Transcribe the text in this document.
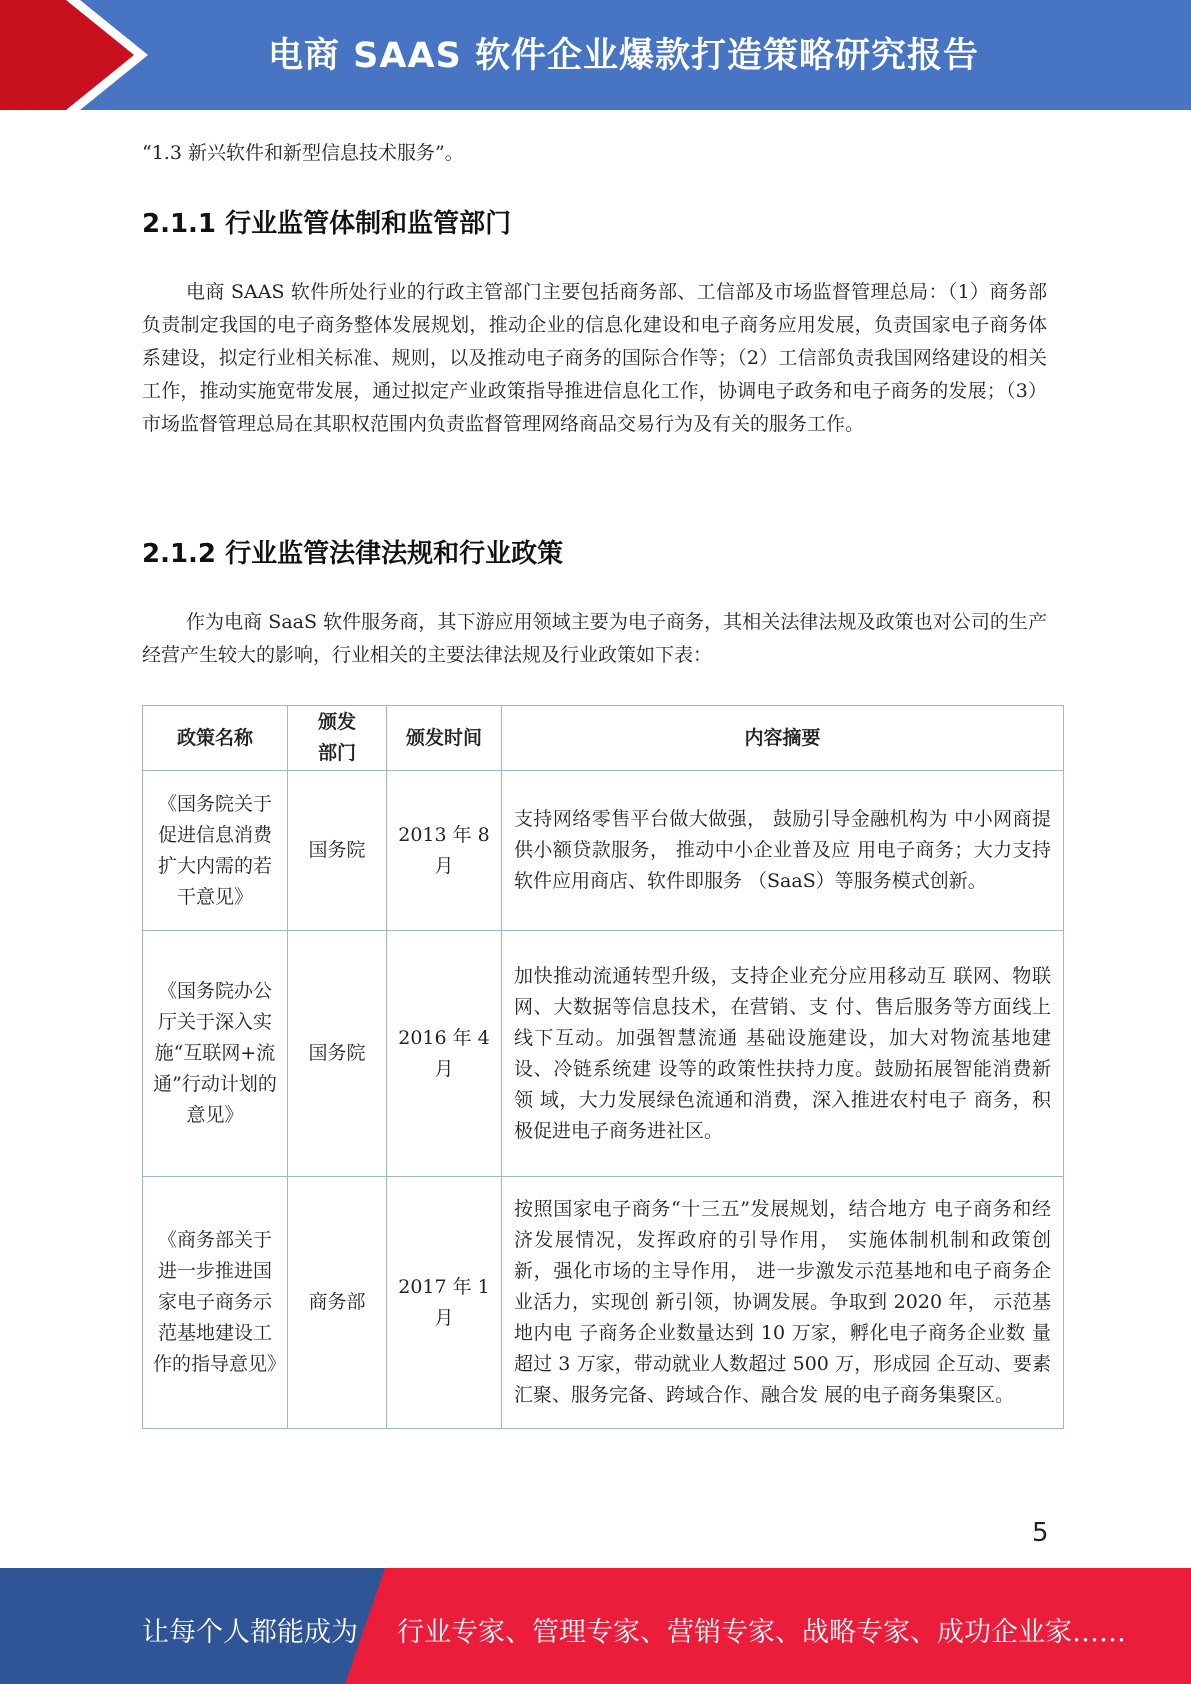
电商 SAAS 软件企业爆款打造策略研究报告
“1.3 新兴软件和新型信息技术服务”。
2.1.1 行业监管体制和监管部门

电商 SAAS 软件所处行业的行政主管部门主要包括商务部、工信部及市场监督管理总局：（1）商务部负责制定我国的电子商务整体发展规划，推动企业的信息化建设和电子商务应用发展，负责国家电子商务体系建设，拟定行业相关标准、规则，以及推动电子商务的国际合作等；（2）工信部负责我国网络建设的相关工作，推动实施宽带发展，通过拟定产业政策指导推进信息化工作，协调电子政务和电子商务的发展；（3）市场监督管理总局在其职权范围内负责监督管理网络商品交易行为及有关的服务工作。

2.1.2 行业监管法律法规和行业政策

作为电商 SaaS 软件服务商，其下游应用领域主要为电子商务，其相关法律法规及政策也对公司的生产经营产生较大的影响，行业相关的主要法律法规及行业政策如下表：

政策名称	颁发部门	颁发时间	内容摘要
《国务院关于促进信息消费扩大内需的若干意见》	国务院	2013 年 8 月	支持网络零售平台做大做强， 鼓励引导金融机构为 中小网商提供小额贷款服务， 推动中小企业普及应 用电子商务；大力支持软件应用商店、软件即服务 （SaaS）等服务模式创新。
《国务院办公厅关于深入实施“互联网+流通”行动计划的意见》	国务院	2016 年 4 月	加快推动流通转型升级，支持企业充分应用移动互 联网、物联网、大数据等信息技术，在营销、支 付、售后服务等方面线上线下互动。加强智慧流通 基础设施建设，加大对物流基地建设、冷链系统建 设等的政策性扶持力度。鼓励拓展智能消费新领 域，大力发展绿色流通和消费，深入推进农村电子 商务，积极促进电子商务进社区。
《商务部关于进一步推进国家电子商务示范基地建设工作的指导意见》	商务部	2017 年 1 月	按照国家电子商务“十三五”发展规划，结合地方 电子商务和经济发展情况，发挥政府的引导作用， 实施体制机制和政策创新，强化市场的主导作用， 进一步激发示范基地和电子商务企业活力，实现创 新引领，协调发展。争取到 2020 年， 示范基地内电 子商务企业数量达到 10 万家，孵化电子商务企业数 量超过 3 万家，带动就业人数超过 500 万，形成园 企互动、要素汇聚、服务完备、跨域合作、融合发 展的电子商务集聚区。
5
让每个人都能成为 行业专家、管理专家、营销专家、战略专家、成功企业家……
